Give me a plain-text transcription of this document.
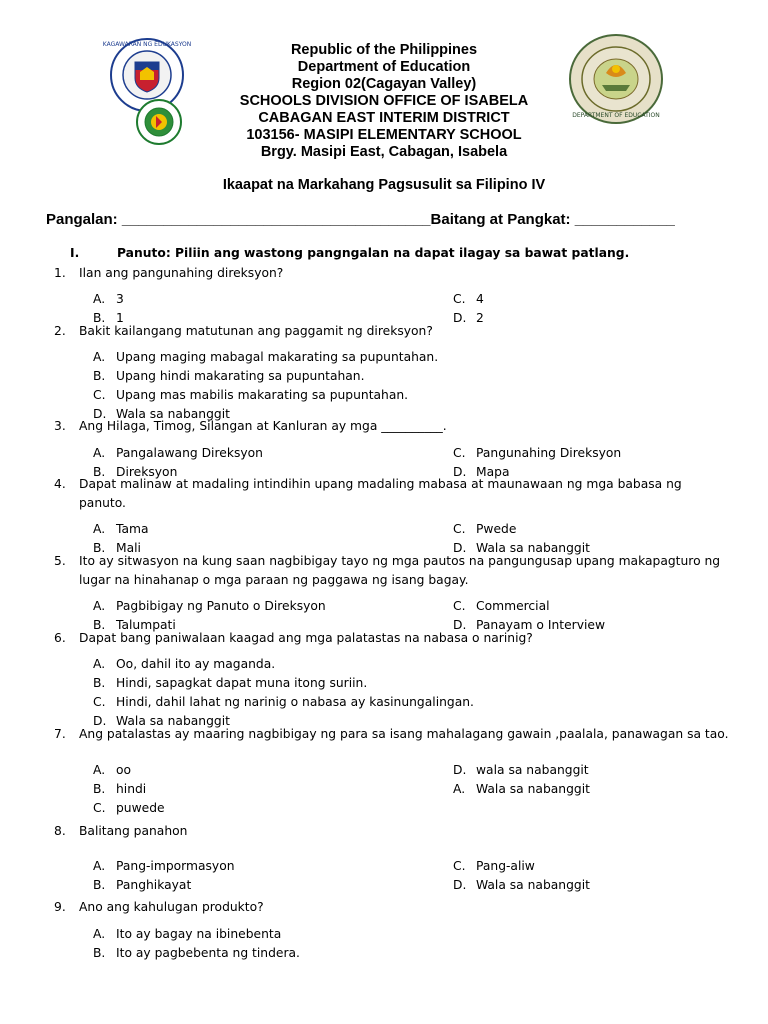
KAGAWARAN NG EDUKASYON
DEPARTMENT OF EDUCATION
Republic of the Philippines
Department of Education
Region 02(Cagayan Valley)
SCHOOLS DIVISION OFFICE OF ISABELA
CABAGAN EAST INTERIM DISTRICT
103156- MASIPI ELEMENTARY SCHOOL
Brgy. Masipi East, Cabagan, Isabela
Ikaapat na Markahang Pagsusulit sa Filipino IV
Pangalan: _____________________________________Baitang at Pangkat: ____________
I.	Panuto: Piliin ang wastong pangngalan na dapat ilagay sa bawat patlang.
1.	Ilan ang pangunahing direksyon?
A. 3	C. 4
B. 1	D. 2
2.	Bakit kailangang matutunan ang paggamit ng direksyon?
A. Upang maging mabagal makarating sa pupuntahan.
B. Upang hindi makarating sa pupuntahan.
C. Upang mas mabilis makarating sa pupuntahan.
D. Wala sa nabanggit
3.	Ang Hilaga, Timog, Silangan at Kanluran ay mga __________.
A. Pangalawang Direksyon	C. Pangunahing Direksyon
B. Direksyon	D. Mapa
4.	Dapat malinaw at madaling intindihin upang madaling mabasa at maunawaan ng mga babasa ng
panuto.
A. Tama	C. Pwede
B. Mali	D. Wala sa nabanggit
5.	Ito ay sitwasyon na kung saan nagbibigay tayo ng mga pautos na pangungusap upang makapagturo ng
lugar na hinahanap o mga paraan ng paggawa ng isang bagay.
A. Pagbibigay ng Panuto o Direksyon	C. Commercial
B. Talumpati	D. Panayam o Interview
6.	Dapat bang paniwalaan kaagad ang mga palatastas na nabasa o narinig?
A. Oo, dahil ito ay maganda.
B. Hindi, sapagkat dapat muna itong suriin.
C. Hindi, dahil lahat ng narinig o nabasa ay kasinungalingan.
D. Wala sa nabanggit
7.	Ang patalastas ay maaring nagbibigay ng para sa isang mahalagang gawain ,paalala, panawagan sa tao.
A. oo	D. wala sa nabanggit
B. hindi	A. Wala sa nabanggit
C. puwede
8.	Balitang panahon
A. Pang-impormasyon	C. Pang-aliw
B. Panghikayat	D. Wala sa nabanggit
9.	Ano ang kahulugan produkto?
A. Ito ay bagay na ibinebenta
B. Ito ay pagbebenta ng tindera.
